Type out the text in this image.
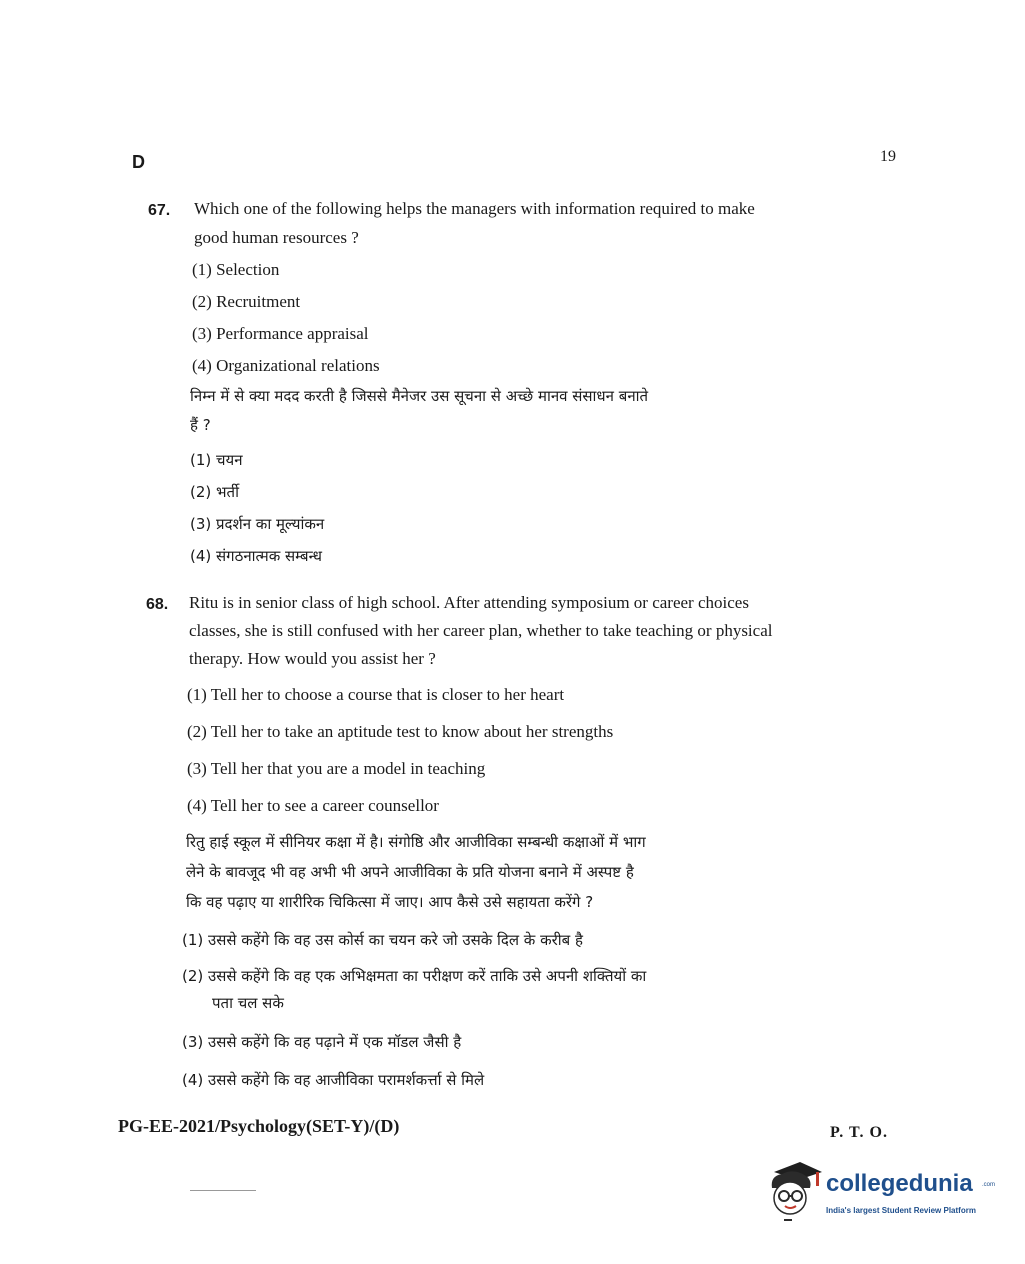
D	19
67. Which one of the following helps the managers with information required to make
good human resources ?
(1) Selection
(2) Recruitment
(3) Performance appraisal
(4) Organizational relations
निम्न में से क्या मदद करती है जिससे मैनेजर उस सूचना से अच्छे मानव संसाधन बनाते
हैं ?
(1) चयन
(2) भर्ती
(3) प्रदर्शन का मूल्यांकन
(4) संगठनात्मक सम्बन्ध
68. Ritu is in senior class of high school. After attending symposium or career choices
classes, she is still confused with her career plan, whether to take teaching or physical
therapy. How would you assist her ?
(1) Tell her to choose a course that is closer to her heart
(2) Tell her to take an aptitude test to know about her strengths
(3) Tell her that you are a model in teaching
(4) Tell her to see a career counsellor
रितु हाई स्कूल में सीनियर कक्षा में है। संगोष्ठि और आजीविका सम्बन्धी कक्षाओं में भाग
लेने के बावजूद भी वह अभी भी अपने आजीविका के प्रति योजना बनाने में अस्पष्ट है
कि वह पढ़ाए या शारीरिक चिकित्सा में जाए। आप कैसे उसे सहायता करेंगे ?
(1) उससे कहेंगे कि वह उस कोर्स का चयन करे जो उसके दिल के करीब है
(2) उससे कहेंगे कि वह एक अभिक्षमता का परीक्षण करें ताकि उसे अपनी शक्तियों का
पता चल सके
(3) उससे कहेंगे कि वह पढ़ाने में एक मॉडल जैसी है
(4) उससे कहेंगे कि वह आजीविका परामर्शकर्त्ता से मिले
PG-EE-2021/Psychology(SET-Y)/(D)	P. T. O.
collegedunia .com
India's largest Student Review Platform
